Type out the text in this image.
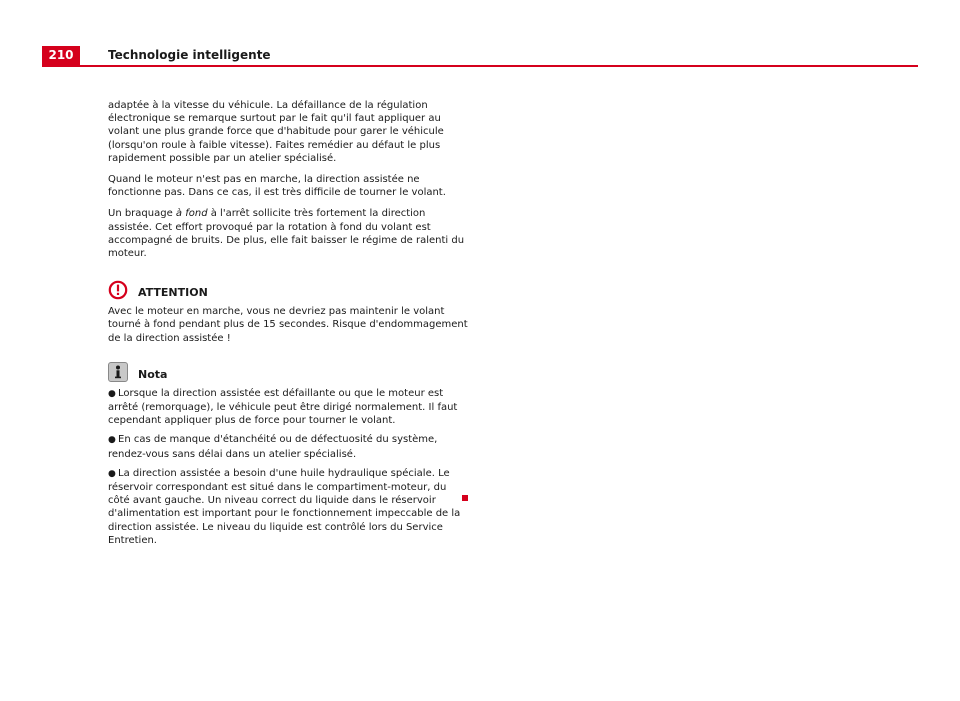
210	Technologie intelligente

adaptée à la vitesse du véhicule. La défaillance de la régulation électronique se remarque surtout par le fait qu'il faut appliquer au volant une plus grande force que d'habitude pour garer le véhicule (lorsqu'on roule à faible vitesse). Faites remédier au défaut le plus rapidement possible par un atelier spécialisé.

Quand le moteur n'est pas en marche, la direction assistée ne fonctionne pas. Dans ce cas, il est très difficile de tourner le volant.

Un braquage à fond à l'arrêt sollicite très fortement la direction assistée. Cet effort provoqué par la rotation à fond du volant est accompagné de bruits. De plus, elle fait baisser le régime de ralenti du moteur.

ATTENTION

Avec le moteur en marche, vous ne devriez pas maintenir le volant tourné à fond pendant plus de 15 secondes. Risque d'endommagement de la direction assistée !

Nota

● Lorsque la direction assistée est défaillante ou que le moteur est arrêté (remorquage), le véhicule peut être dirigé normalement. Il faut cependant appliquer plus de force pour tourner le volant.

● En cas de manque d'étanchéité ou de défectuosité du système, rendez-vous sans délai dans un atelier spécialisé.

● La direction assistée a besoin d'une huile hydraulique spéciale. Le réservoir correspondant est situé dans le compartiment-moteur, du côté avant gauche. Un niveau correct du liquide dans le réservoir d'alimentation est important pour le fonctionnement impeccable de la direction assistée. Le niveau du liquide est contrôlé lors du Service Entretien.
